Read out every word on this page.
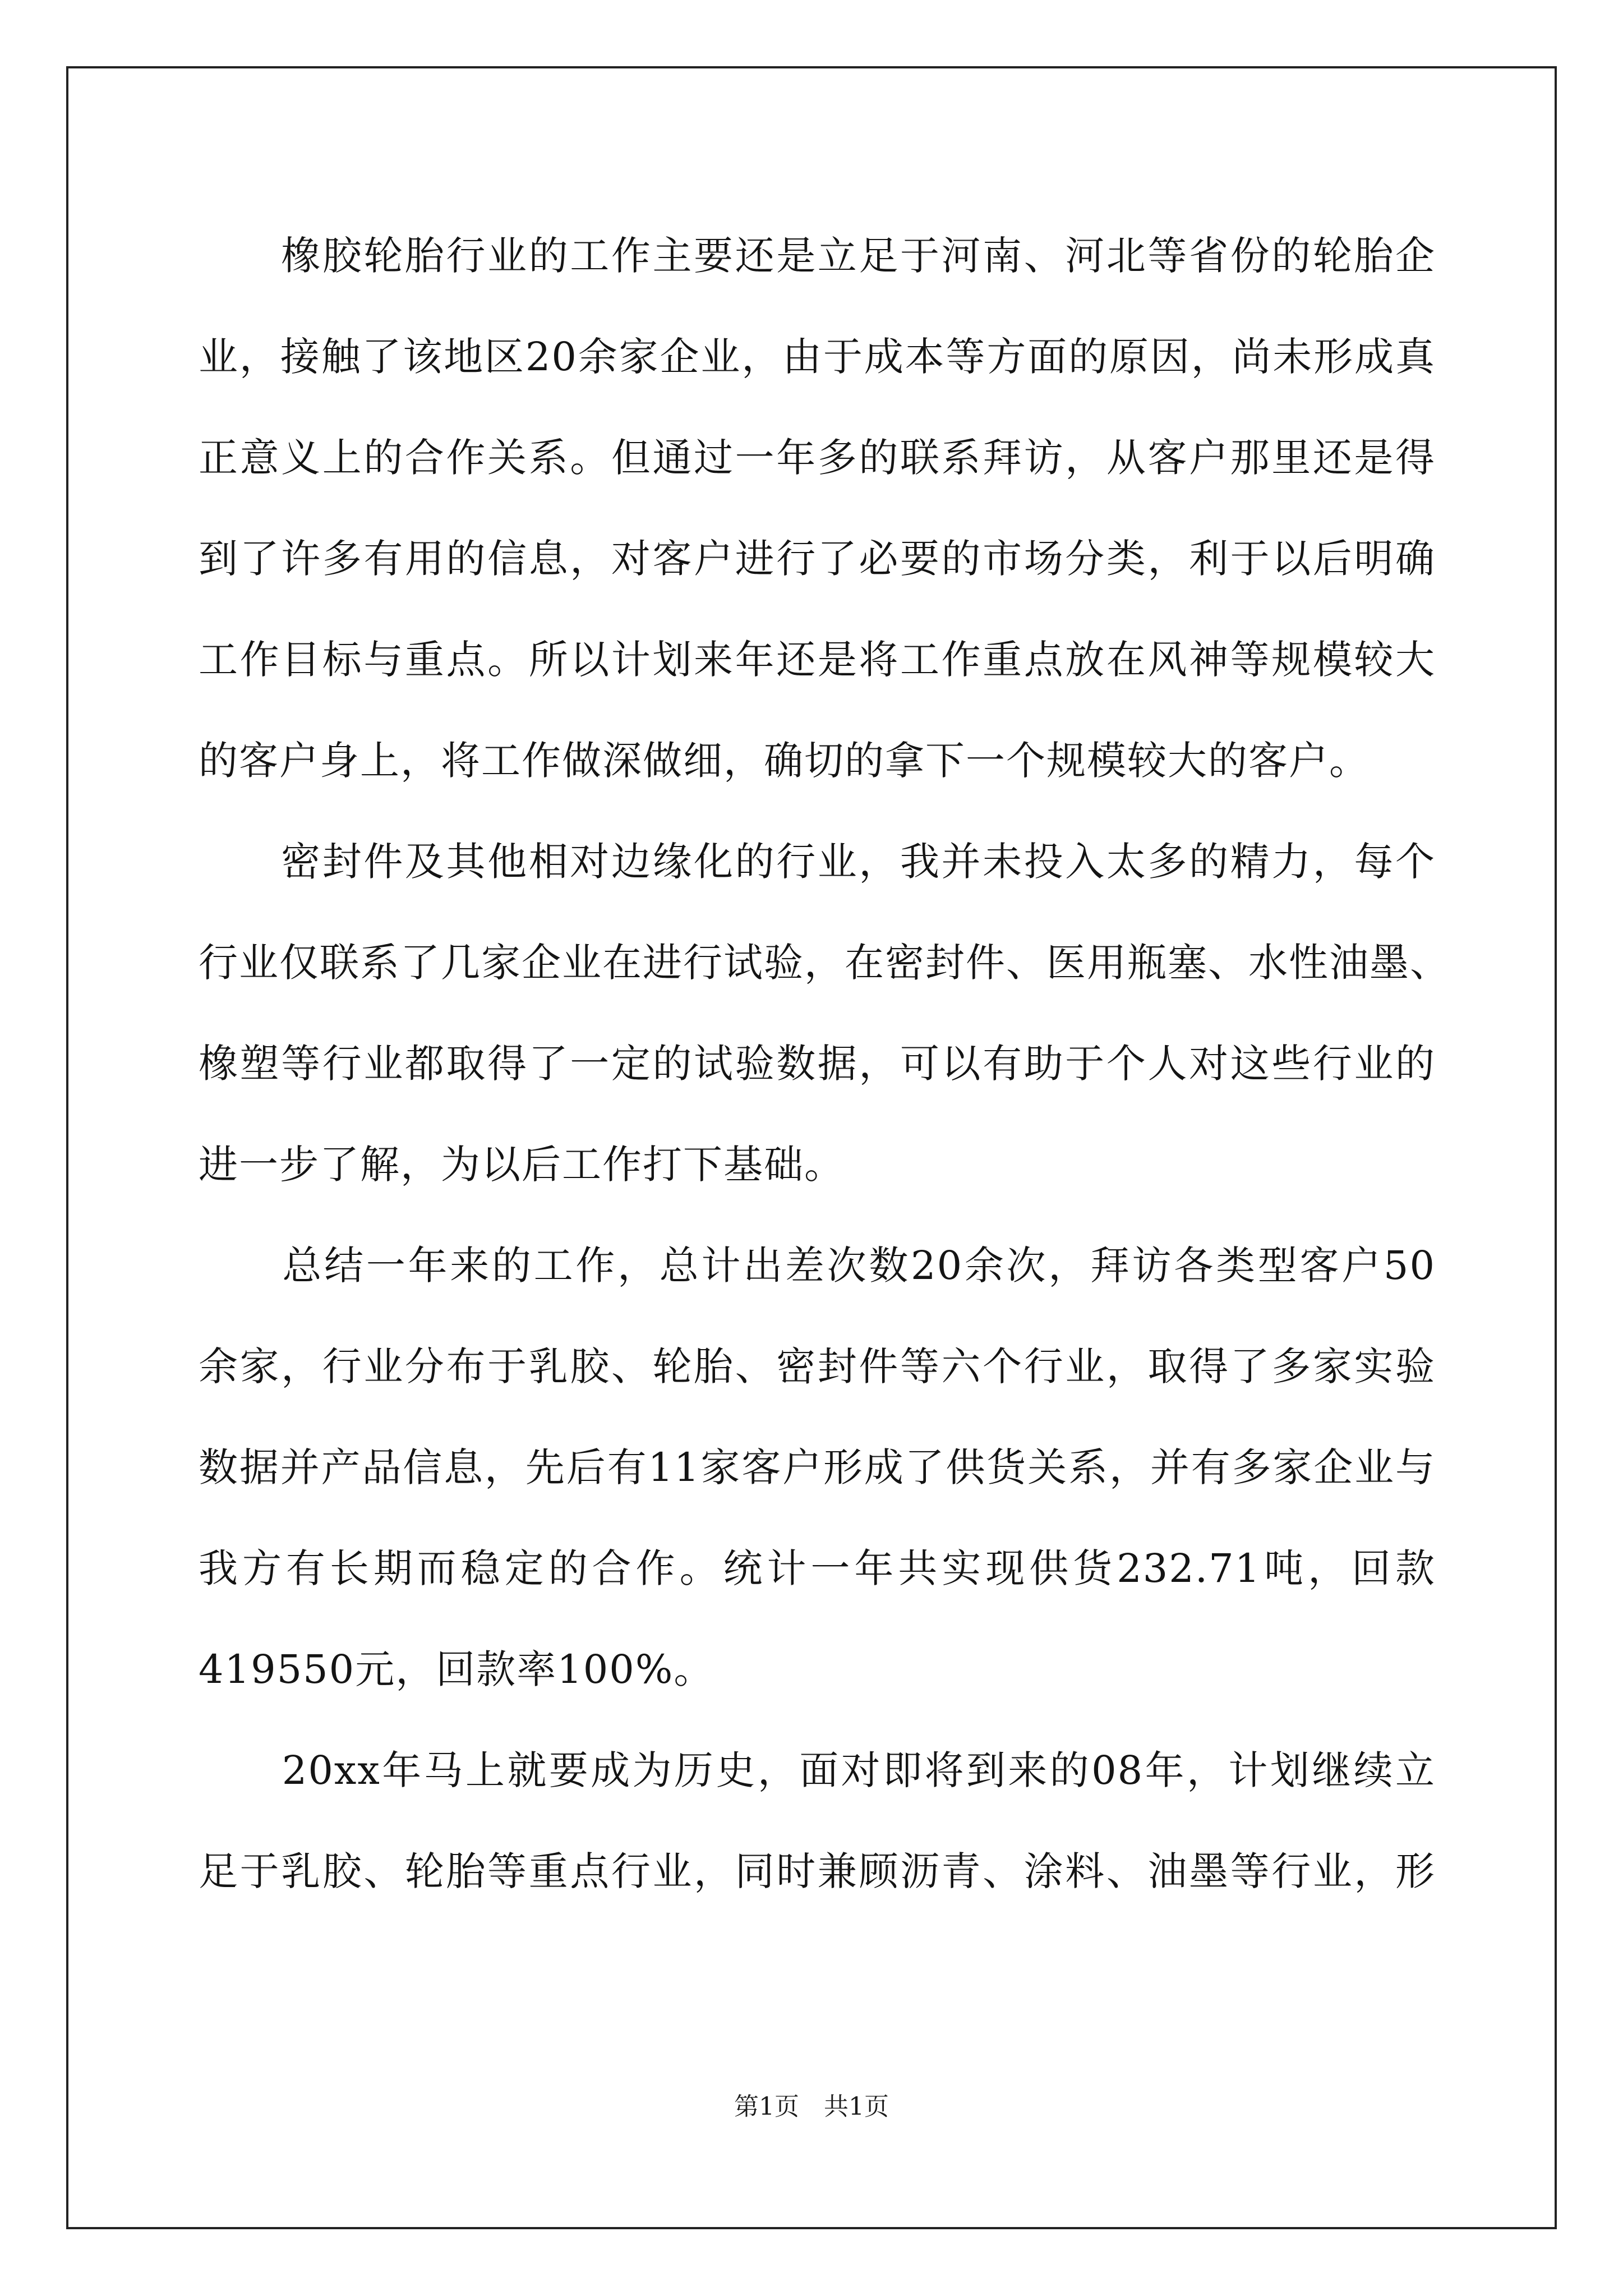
　　橡胶轮胎行业的工作主要还是立足于河南、河北等省份的轮胎企
业，接触了该地区20余家企业，由于成本等方面的原因，尚未形成真
正意义上的合作关系。但通过一年多的联系拜访，从客户那里还是得
到了许多有用的信息，对客户进行了必要的市场分类，利于以后明确
工作目标与重点。所以计划来年还是将工作重点放在风神等规模较大
的客户身上，将工作做深做细，确切的拿下一个规模较大的客户。
　　密封件及其他相对边缘化的行业，我并未投入太多的精力，每个
行业仅联系了几家企业在进行试验，在密封件、医用瓶塞、水性油墨、
橡塑等行业都取得了一定的试验数据，可以有助于个人对这些行业的
进一步了解，为以后工作打下基础。
　　总结一年来的工作，总计出差次数20余次，拜访各类型客户50
余家，行业分布于乳胶、轮胎、密封件等六个行业，取得了多家实验
数据并产品信息，先后有11家客户形成了供货关系，并有多家企业与
我方有长期而稳定的合作。统计一年共实现供货232.71吨，回款
419550元，回款率100%。
　　20xx年马上就要成为历史，面对即将到来的08年，计划继续立
足于乳胶、轮胎等重点行业，同时兼顾沥青、涂料、油墨等行业，形
第1页　共1页
